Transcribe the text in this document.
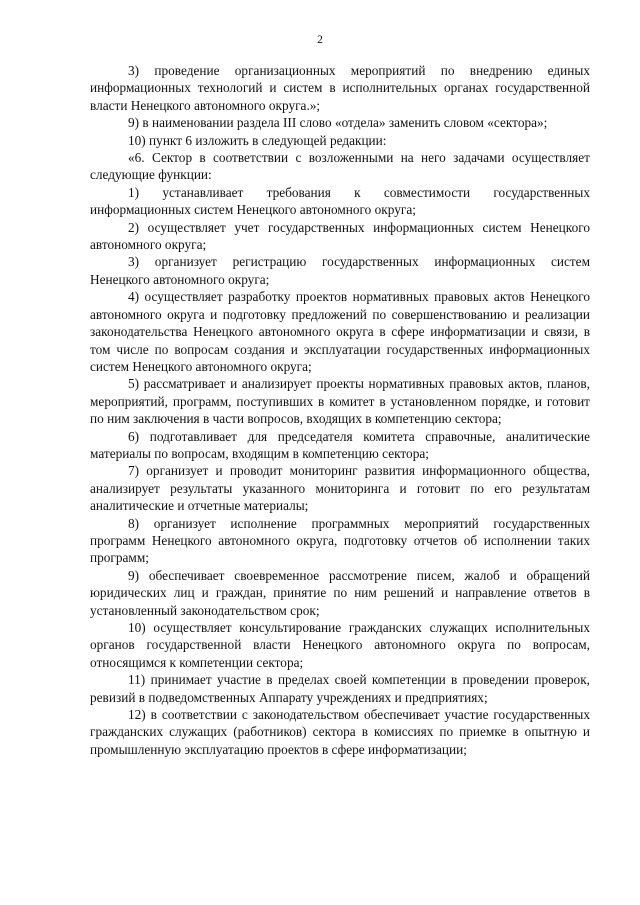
2

3) проведение организационных мероприятий по внедрению единых информационных технологий и систем в исполнительных органах государственной власти Ненецкого автономного округа.»;

9) в наименовании раздела III слово «отдела» заменить словом «сектора»;

10) пункт 6 изложить в следующей редакции:

«6. Сектор в соответствии с возложенными на него задачами осуществляет следующие функции:

1) устанавливает требования к совместимости государственных информационных систем Ненецкого автономного округа;

2) осуществляет учет государственных информационных систем Ненецкого автономного округа;

3) организует регистрацию государственных информационных систем Ненецкого автономного округа;

4) осуществляет разработку проектов нормативных правовых актов Ненецкого автономного округа и подготовку предложений по совершенствованию и реализации законодательства Ненецкого автономного округа в сфере информатизации и связи, в том числе по вопросам создания и эксплуатации государственных информационных систем Ненецкого автономного округа;

5) рассматривает и анализирует проекты нормативных правовых актов, планов, мероприятий, программ, поступивших в комитет в установленном порядке, и готовит по ним заключения в части вопросов, входящих в компетенцию сектора;

6) подготавливает для председателя комитета справочные, аналитические материалы по вопросам, входящим в компетенцию сектора;

7) организует и проводит мониторинг развития информационного общества, анализирует результаты указанного мониторинга и готовит по его результатам аналитические и отчетные материалы;

8) организует исполнение программных мероприятий государственных программ Ненецкого автономного округа, подготовку отчетов об исполнении таких программ;

9) обеспечивает своевременное рассмотрение писем, жалоб и обращений юридических лиц и граждан, принятие по ним решений и направление ответов в установленный законодательством срок;

10) осуществляет консультирование гражданских служащих исполнительных органов государственной власти Ненецкого автономного округа по вопросам, относящимся к компетенции сектора;

11) принимает участие в пределах своей компетенции в проведении проверок, ревизий в подведомственных Аппарату учреждениях и предприятиях;

12) в соответствии с законодательством обеспечивает участие государственных гражданских служащих (работников) сектора в комиссиях по приемке в опытную и промышленную эксплуатацию проектов в сфере информатизации;
